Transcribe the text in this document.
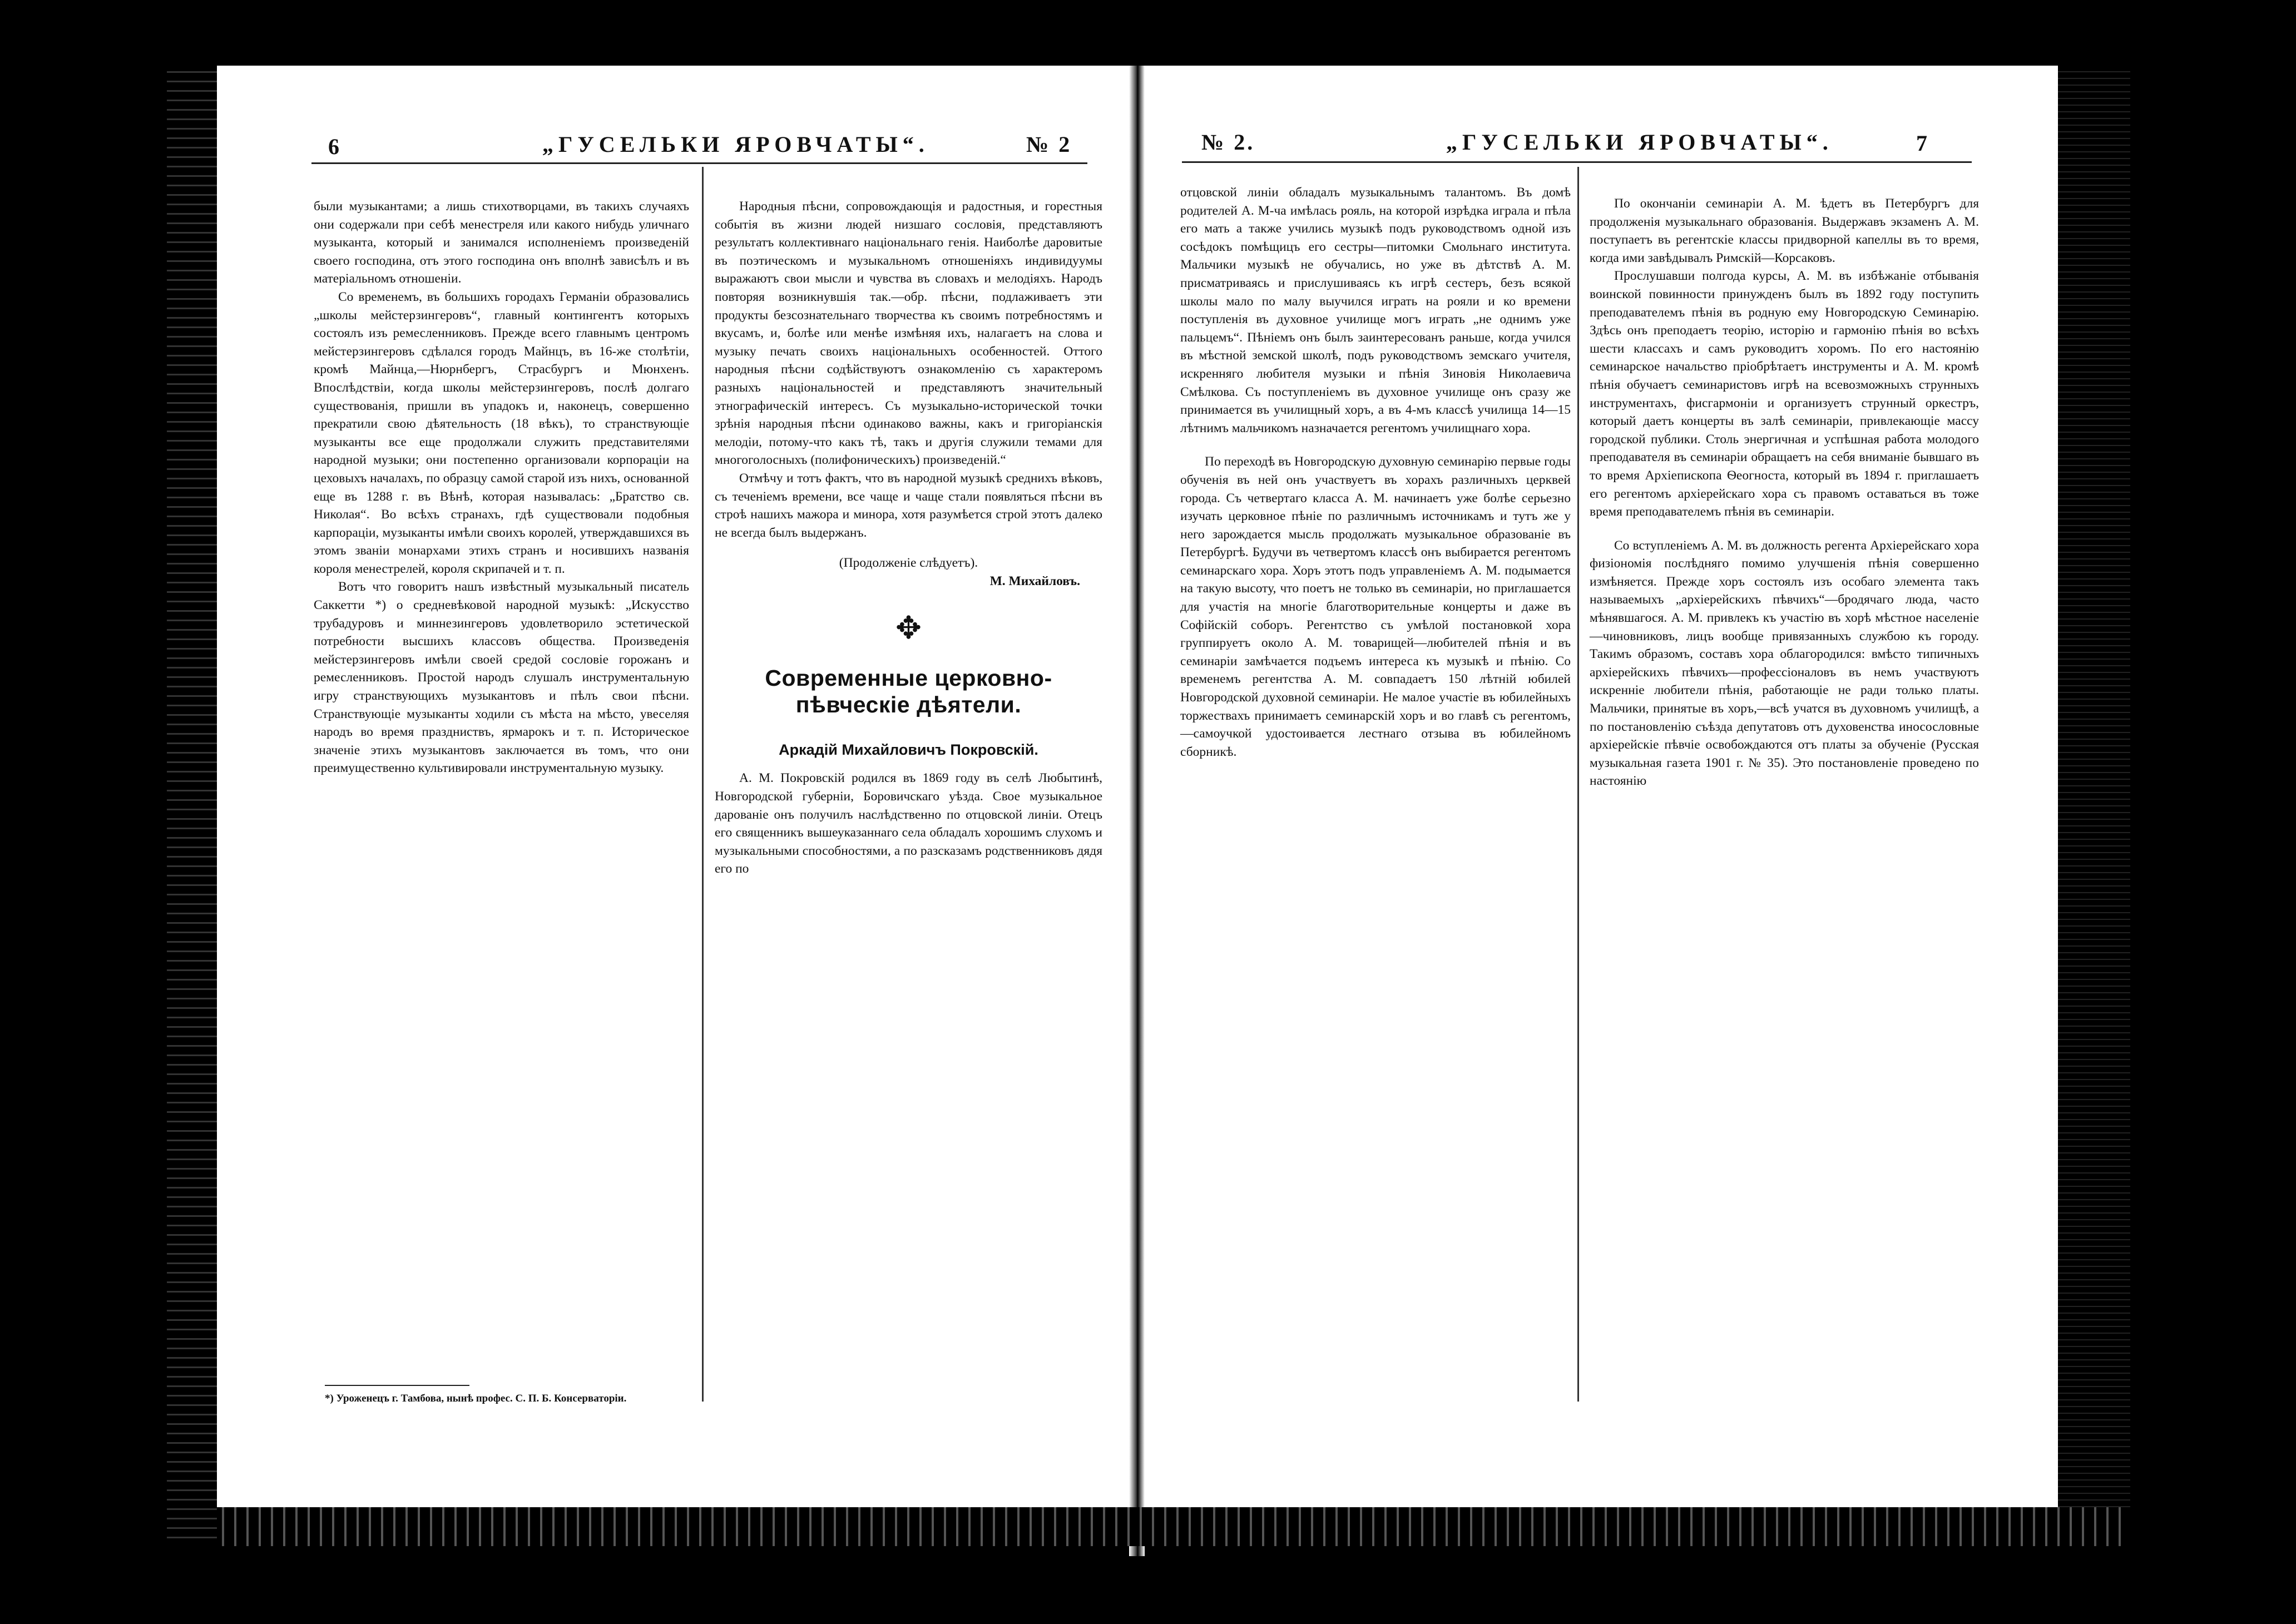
6	„ГУСЕЛЬКИ ЯРОВЧАТЫ“.	№ 2	№ 2.	„ГУСЕЛЬКИ ЯРОВЧАТЫ“.	7

были музыкантами; а лишь стихотворцами, въ такихъ случаяхъ они содержали при себѣ менестреля или какого нибудь уличнаго музыканта, который и занимался исполненіемъ произведеній своего господина, отъ этого господина онъ вполнѣ зависѣлъ и въ матеріальномъ отношеніи.

Со временемъ, въ большихъ городахъ Германіи образовались „школы мейстерзингеровъ“, главный контингентъ которыхъ состоялъ изъ ремесленниковъ. Прежде всего главнымъ центромъ мейстерзингеровъ сдѣлался городъ Майнцъ, въ 16-же столѣтіи, кромѣ Майнца,—Нюрнбергъ, Страсбургъ и Мюнхенъ. Впослѣдствіи, когда школы мейстерзингеровъ, послѣ долгаго существованія, пришли въ упадокъ и, наконецъ, совершенно прекратили свою дѣятельность (18 вѣкъ), то странствующіе музыканты все еще продолжали служить представителями народной музыки; они постепенно организовали корпораціи на цеховыхъ началахъ, по образцу самой старой изъ нихъ, основанной еще въ 1288 г. въ Вѣнѣ, которая называлась: „Братство св. Николая“. Во всѣхъ странахъ, гдѣ существовали подобныя карпораціи, музыканты имѣли своихъ королей, утверждавшихся въ этомъ званіи монархами этихъ странъ и носившихъ названія короля менестрелей, короля скрипачей и т. п.

Вотъ что говоритъ нашъ извѣстный музыкальный писатель Саккетти *) о средневѣковой народной музыкѣ: „Искусство трубадуровъ и миннезингеровъ удовлетворило эстетической потребности высшихъ классовъ общества. Произведенія мейстерзингеровъ имѣли своей средой сословіе горожанъ и ремесленниковъ. Простой народъ слушалъ инструментальную игру странствующихъ музыкантовъ и пѣлъ свои пѣсни. Странствующіе музыканты ходили съ мѣста на мѣсто, увеселяя народъ во время праздниствъ, ярмарокъ и т. п. Историческое значеніе этихъ музыкантовъ заключается въ томъ, что они преимущественно культивировали инструментальную музыку.

*) Уроженецъ г. Тамбова, нынѣ профес. С. П. Б. Консерваторіи.

Народныя пѣсни, сопровождающія и радостныя, и горестныя событія въ жизни людей низшаго сословія, представляютъ результатъ коллективнаго національнаго генія. Наиболѣе даровитые въ поэтическомъ и музыкальномъ отношеніяхъ индивидуумы выражаютъ свои мысли и чувства въ словахъ и мелодіяхъ. Народъ повторяя возникнувшія так.—обр. пѣсни, подлаживаетъ эти продукты безсознательнаго творчества къ своимъ потребностямъ и вкусамъ, и, болѣе или менѣе измѣняя ихъ, налагаетъ на слова и музыку печать своихъ національныхъ особенностей. Оттого народныя пѣсни содѣйствуютъ ознакомленію съ характеромъ разныхъ національностей и представляютъ значительный этнографическій интересъ. Съ музыкально-исторической точки зрѣнія народныя пѣсни одинаково важны, какъ и григоріанскія мелодіи, потому-что какъ тѣ, такъ и другія служили темами для многоголосныхъ (полифоническихъ) произведеній.“

Отмѣчу и тотъ фактъ, что въ народной музыкѣ среднихъ вѣковъ, съ теченіемъ времени, все чаще и чаще стали появляться пѣсни въ строѣ нашихъ мажора и минора, хотя разумѣется строй этотъ далеко не всегда былъ выдержанъ.

(Продолженіе слѣдуетъ).

М. Михайловъ.

✥

Современные церковно-пѣвческіе дѣятели.

Аркадій Михайловичъ Покровскій.

А. М. Покровскій родился въ 1869 году въ селѣ Любытинѣ, Новгородской губерніи, Боровичскаго уѣзда. Свое музыкальное дарованіе онъ получилъ наслѣдственно по отцовской линіи. Отецъ его священникъ вышеуказаннаго села обладалъ хорошимъ слухомъ и музыкальными способностями, а по разсказамъ родственниковъ дядя его по

отцовской линіи обладалъ музыкальнымъ талантомъ. Въ домѣ родителей А. М-ча имѣлась рояль, на которой изрѣдка играла и пѣла его мать а также учились музыкѣ подъ руководствомъ одной изъ сосѣдокъ помѣщицъ его сестры—питомки Смольнаго института. Мальчики музыкѣ не обучались, но уже въ дѣтствѣ А. М. присматриваясь и прислушиваясь къ игрѣ сестеръ, безъ всякой школы мало по малу выучился играть на рояли и ко времени поступленія въ духовное училище могъ играть „не однимъ уже пальцемъ“. Пѣніемъ онъ былъ заинтересованъ раньше, когда учился въ мѣстной земской школѣ, подъ руководствомъ земскаго учителя, искренняго любителя музыки и пѣнія Зиновія Николаевича Смѣлкова. Съ поступленіемъ въ духовное училище онъ сразу же принимается въ училищный хоръ, а въ 4-мъ классѣ училища 14—15 лѣтнимъ мальчикомъ назначается регентомъ училищнаго хора.

По переходѣ въ Новгородскую духовную семинарію первые годы обученія въ ней онъ участвуетъ въ хорахъ различныхъ церквей города. Съ четвертаго класса А. М. начинаетъ уже болѣе серьезно изучать церковное пѣніе по различнымъ источникамъ и тутъ же у него зарождается мысль продолжать музыкальное образованіе въ Петербургѣ. Будучи въ четвертомъ классѣ онъ выбирается регентомъ семинарскаго хора. Хоръ этотъ подъ управленіемъ А. М. подымается на такую высоту, что поетъ не только въ семинаріи, но приглашается для участія на многіе благотворительные концерты и даже въ Софійскій соборъ. Регентство съ умѣлой постановкой хора группируетъ около А. М. товарищей—любителей пѣнія и въ семинаріи замѣчается подъемъ интереса къ музыкѣ и пѣнію. Со временемъ регентства А. М. совпадаетъ 150 лѣтній юбилей Новгородской духовной семинаріи. Не малое участіе въ юбилейныхъ торжествахъ принимаетъ семинарскій хоръ и во главѣ съ регентомъ,—самоучкой удостоивается лестнаго отзыва въ юбилейномъ сборникѣ.

По окончаніи семинаріи А. М. ѣдетъ въ Петербургъ для продолженія музыкальнаго образованія. Выдержавъ экзаменъ А. М. поступаетъ въ регентскіе классы придворной капеллы въ то время, когда ими завѣдывалъ Римскій—Корсаковъ.

Прослушавши полгода курсы, А. М. въ избѣжаніе отбыванія воинской повинности принужденъ былъ въ 1892 году поступить преподавателемъ пѣнія въ родную ему Новгородскую Семинарію. Здѣсь онъ преподаетъ теорію, исторію и гармонію пѣнія во всѣхъ шести классахъ и самъ руководитъ хоромъ. По его настоянію семинарское начальство пріобрѣтаетъ инструменты и А. М. кромѣ пѣнія обучаетъ семинаристовъ игрѣ на всевозможныхъ струнныхъ инструментахъ, фисгармоніи и организуетъ струнный оркестръ, который даетъ концерты въ залѣ семинаріи, привлекающіе массу городской публики. Столь энергичная и успѣшная работа молодого преподавателя въ семинаріи обращаетъ на себя вниманіе бывшаго въ то время Архіепископа Ѳеогноста, который въ 1894 г. приглашаетъ его регентомъ архіерейскаго хора съ правомъ оставаться въ тоже время преподавателемъ пѣнія въ семинаріи.

Со вступленіемъ А. М. въ должность регента Архіерейскаго хора физіономія послѣдняго помимо улучшенія пѣнія совершенно измѣняется. Прежде хоръ состоялъ изъ особаго элемента такъ называемыхъ „архіерейскихъ пѣвчихъ“—бродячаго люда, часто мѣнявшагося. А. М. привлекъ къ участію въ хорѣ мѣстное населеніе—чиновниковъ, лицъ вообще привязанныхъ службою къ городу. Такимъ образомъ, составъ хора облагородился: вмѣсто типичныхъ архіерейскихъ пѣвчихъ—профессіоналовъ въ немъ участвуютъ искренніе любители пѣнія, работающіе не ради только платы. Мальчики, принятые въ хоръ,—всѣ учатся въ духовномъ училищѣ, а по постановленію съѣзда депутатовъ отъ духовенства иносословные архіерейскіе пѣвчіе освобождаются отъ платы за обученіе (Русская музыкальная газета 1901 г. № 35). Это постановленіе проведено по настоянію
